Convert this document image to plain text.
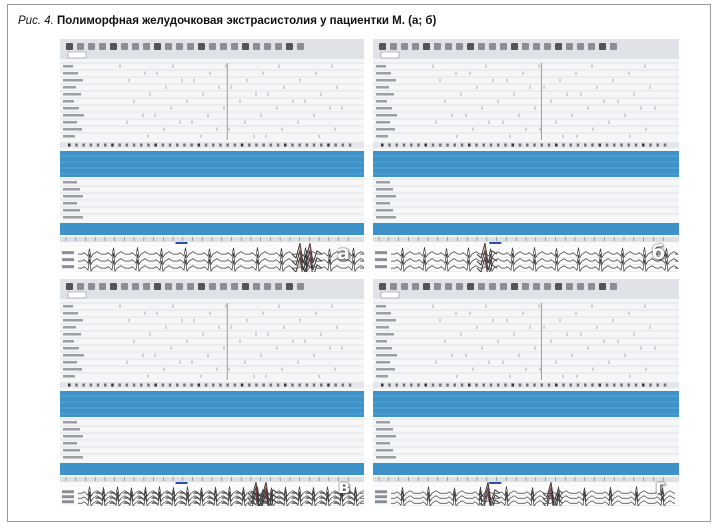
Рис. 4. Полиморфная желудочковая экстрасистолия у пациентки М. (а; б)
а	б
в	г
